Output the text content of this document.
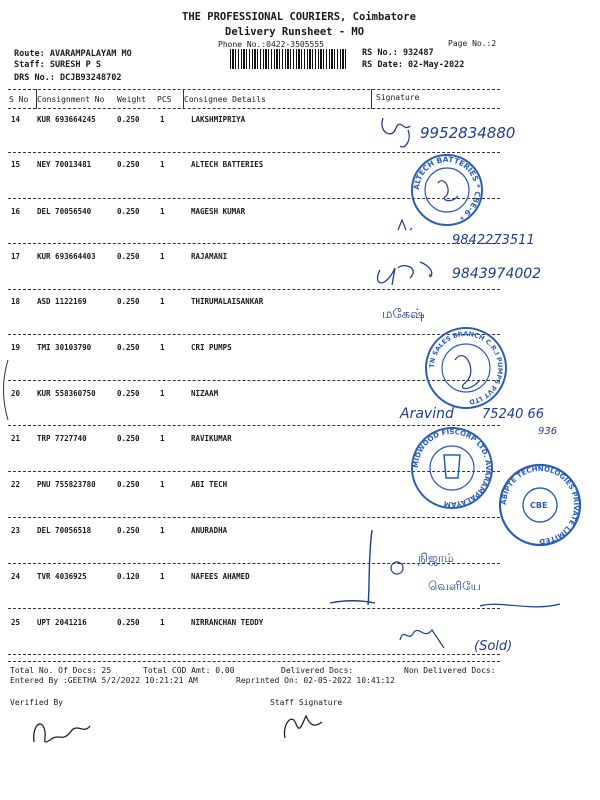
THE PROFESSIONAL COURIERS, Coimbatore
Delivery Runsheet - MO
Phone No.:0422-3505555	Page No.:2
Route: AVARAMPALAYAM MO
Staff: SURESH P S
DRS No.: DCJB93248702
RS No.: 932487
RS Date: 02-May-2022
S No Consignment No Weight PCS Consignee Details	Signature
14 KUR 693664245	0.250	1	LAKSHMIPRIYA
15 NEY 70013481	0.250	1	ALTECH BATTERIES
16 DEL 70056540	0.250	1	MAGESH KUMAR
17 KUR 693664403	0.250	1	RAJAMANI
18 ASD 1122169	0.250	1	THIRUMALAISANKAR
19 TMI 30103790	0.250	1	CRI PUMPS
20 KUR 558360750	0.250	1	NIZAAM
21 TRP 7727740	0.250	1	RAVIKUMAR
22 PNU 755823780	0.250	1	ABI TECH
23 DEL 70056518	0.250	1	ANURADHA
24 TVR 4036925	0.120	1	NAFEES AHAMED
25 UPT 2041216	0.250	1	NIRRANCHAN TEDDY
Total No. Of Docs: 25	Total COD Amt: 0.00	Delivered Docs:	Non Delivered Docs:
Entered By :GEETHA 5/2/2022 10:21:21 AM	Reprinted On: 02-05-2022 10:41:12
Verified By	Staff Signature
9952834880
ALTECH BATTERIES * CBE-6 *
9842273511
9843974002
மகேஷ்
TN SALES BRANCH C.R.I PUMPS PVT LTD
Aravind 75240 66
936
MIDWOOD FISCORP LTD. AVARAMPALAYAM	ABIPTE TECHNOLOGIES PRIVATE LIMITED
CBE
நிஜாம்
வெளியே
(Sold)
